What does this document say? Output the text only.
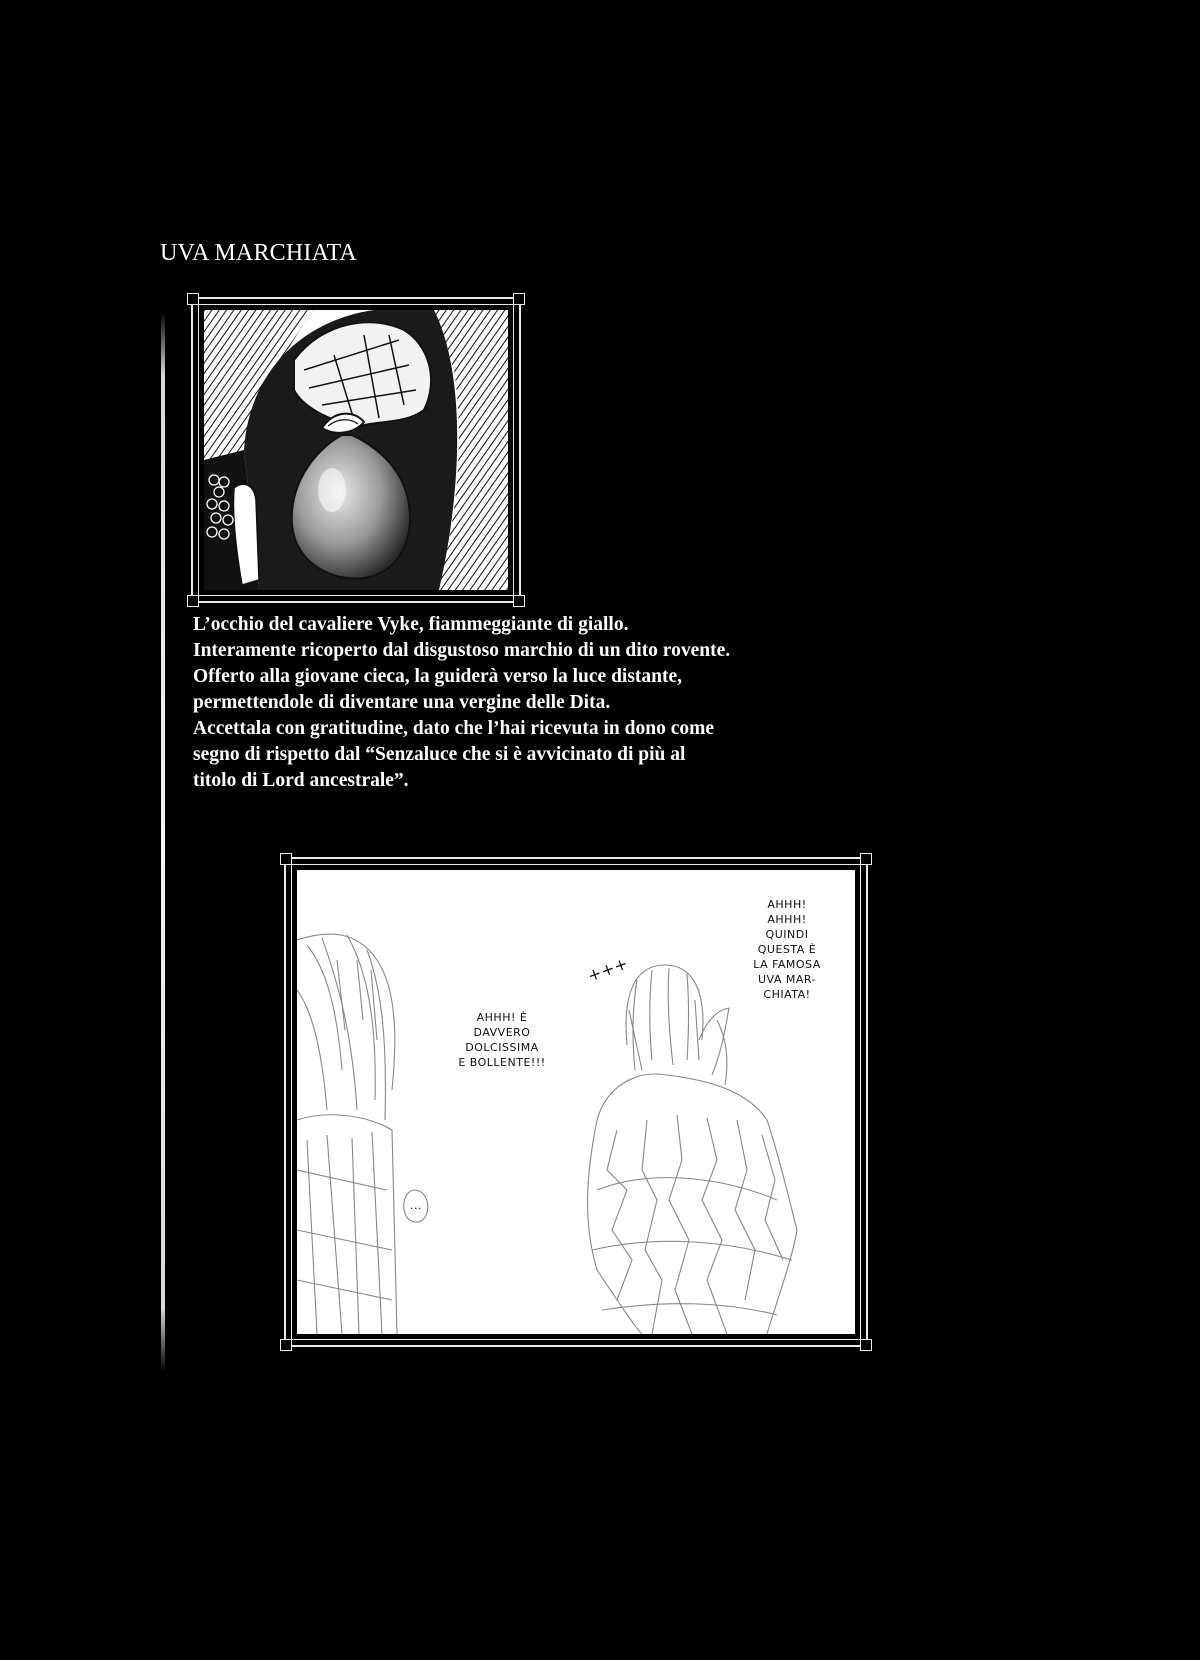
UVA MARCHIATA
L’occhio del cavaliere Vyke, fiammeggiante di giallo.
Interamente ricoperto dal disgustoso marchio di un dito rovente.
Offerto alla giovane cieca, la guiderà verso la luce distante,
permettendole di diventare una vergine delle Dita.
Accettala con gratitudine, dato che l’hai ricevuta in dono come
segno di rispetto dal “Senzaluce che si è avvicinato di più al
titolo di Lord ancestrale”.
+++
...
AHHH! È
DAVVERO
DOLCISSIMA
E BOLLENTE!!!
AHHH!
AHHH!
QUINDI
QUESTA È
LA FAMOSA
UVA MAR-
CHIATA!
